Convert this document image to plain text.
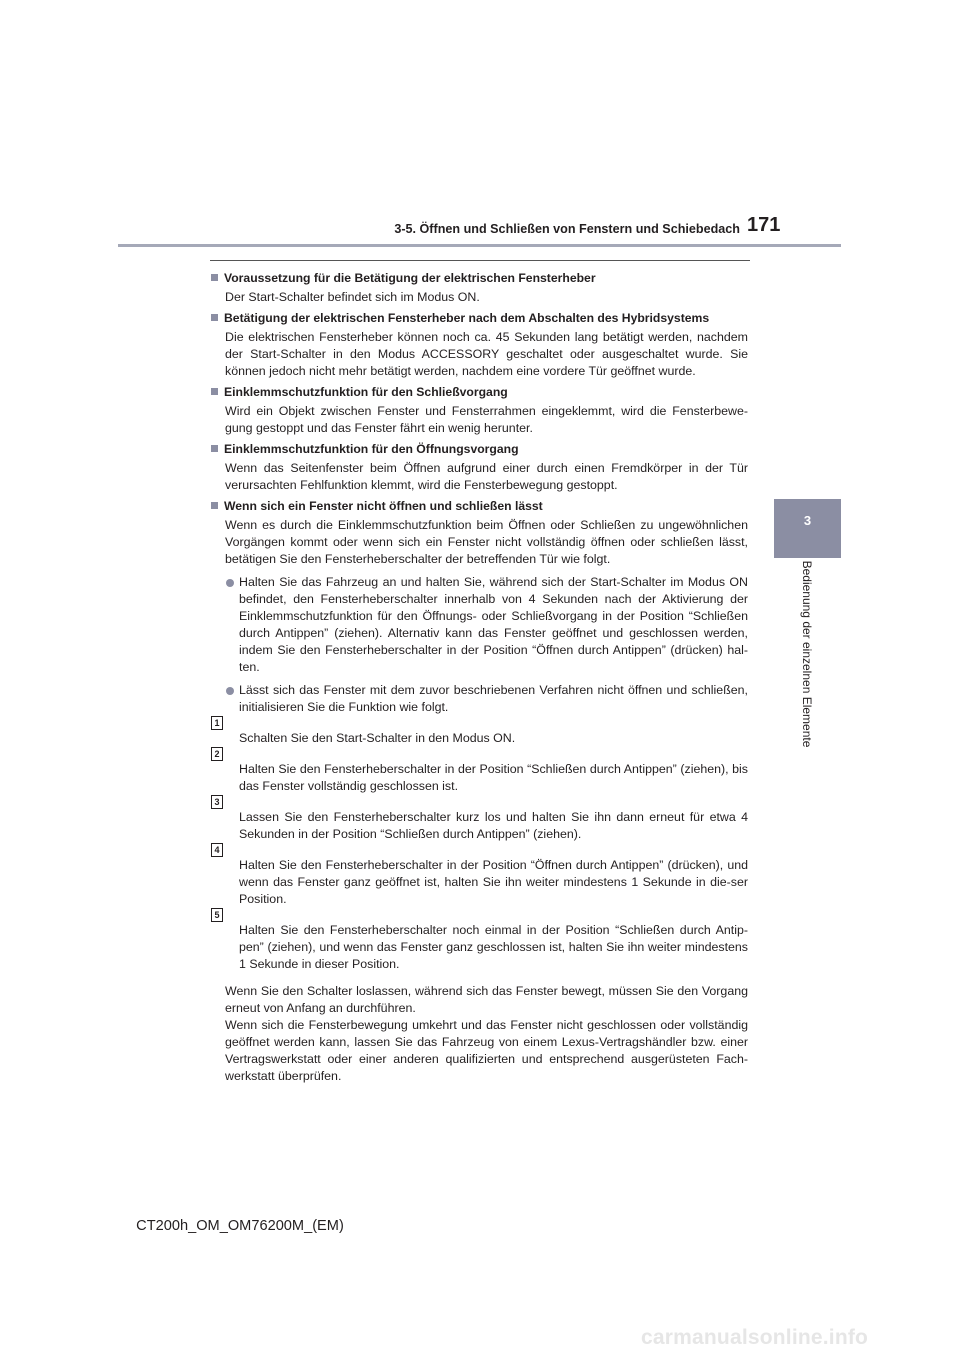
3-5. Öffnen und Schließen von Fenstern und Schiebedach 171
3
Bedienung der einzelnen Elemente
Voraussetzung für die Betätigung der elektrischen Fensterheber
Der Start-Schalter befindet sich im Modus ON.
Betätigung der elektrischen Fensterheber nach dem Abschalten des Hybridsystems
Die elektrischen Fensterheber können noch ca. 45 Sekunden lang betätigt werden, nachdem der Start-Schalter in den Modus ACCESSORY geschaltet oder ausgeschaltet wurde. Sie können jedoch nicht mehr betätigt werden, nachdem eine vordere Tür geöffnet wurde.
Einklemmschutzfunktion für den Schließvorgang
Wird ein Objekt zwischen Fenster und Fensterrahmen eingeklemmt, wird die Fensterbewe-gung gestoppt und das Fenster fährt ein wenig herunter.
Einklemmschutzfunktion für den Öffnungsvorgang
Wenn das Seitenfenster beim Öffnen aufgrund einer durch einen Fremdkörper in der Tür verursachten Fehlfunktion klemmt, wird die Fensterbewegung gestoppt.
Wenn sich ein Fenster nicht öffnen und schließen lässt
Wenn es durch die Einklemmschutzfunktion beim Öffnen oder Schließen zu ungewöhnlichen Vorgängen kommt oder wenn sich ein Fenster nicht vollständig öffnen oder schließen lässt, betätigen Sie den Fensterheberschalter der betreffenden Tür wie folgt.
Halten Sie das Fahrzeug an und halten Sie, während sich der Start-Schalter im Modus ON befindet, den Fensterheberschalter innerhalb von 4 Sekunden nach der Aktivierung der Einklemmschutzfunktion für den Öffnungs- oder Schließvorgang in der Position “Schließen durch Antippen” (ziehen). Alternativ kann das Fenster geöffnet und geschlossen werden, indem Sie den Fensterheberschalter in der Position “Öffnen durch Antippen” (drücken) hal-ten.
Lässt sich das Fenster mit dem zuvor beschriebenen Verfahren nicht öffnen und schließen, initialisieren Sie die Funktion wie folgt.
1
Schalten Sie den Start-Schalter in den Modus ON.
2
Halten Sie den Fensterheberschalter in der Position “Schließen durch Antippen” (ziehen), bis das Fenster vollständig geschlossen ist.
3
Lassen Sie den Fensterheberschalter kurz los und halten Sie ihn dann erneut für etwa 4 Sekunden in der Position “Schließen durch Antippen” (ziehen).
4
Halten Sie den Fensterheberschalter in der Position “Öffnen durch Antippen” (drücken), und wenn das Fenster ganz geöffnet ist, halten Sie ihn weiter mindestens 1 Sekunde in die-ser Position.
5
Halten Sie den Fensterheberschalter noch einmal in der Position “Schließen durch Antip-pen” (ziehen), und wenn das Fenster ganz geschlossen ist, halten Sie ihn weiter mindestens 1 Sekunde in dieser Position.
Wenn Sie den Schalter loslassen, während sich das Fenster bewegt, müssen Sie den Vorgang erneut von Anfang an durchführen.
Wenn sich die Fensterbewegung umkehrt und das Fenster nicht geschlossen oder vollständig geöffnet werden kann, lassen Sie das Fahrzeug von einem Lexus-Vertragshändler bzw. einer Vertragswerkstatt oder einer anderen qualifizierten und entsprechend ausgerüsteten Fach-werkstatt überprüfen.
CT200h_OM_OM76200M_(EM)
carmanualsonline.info
